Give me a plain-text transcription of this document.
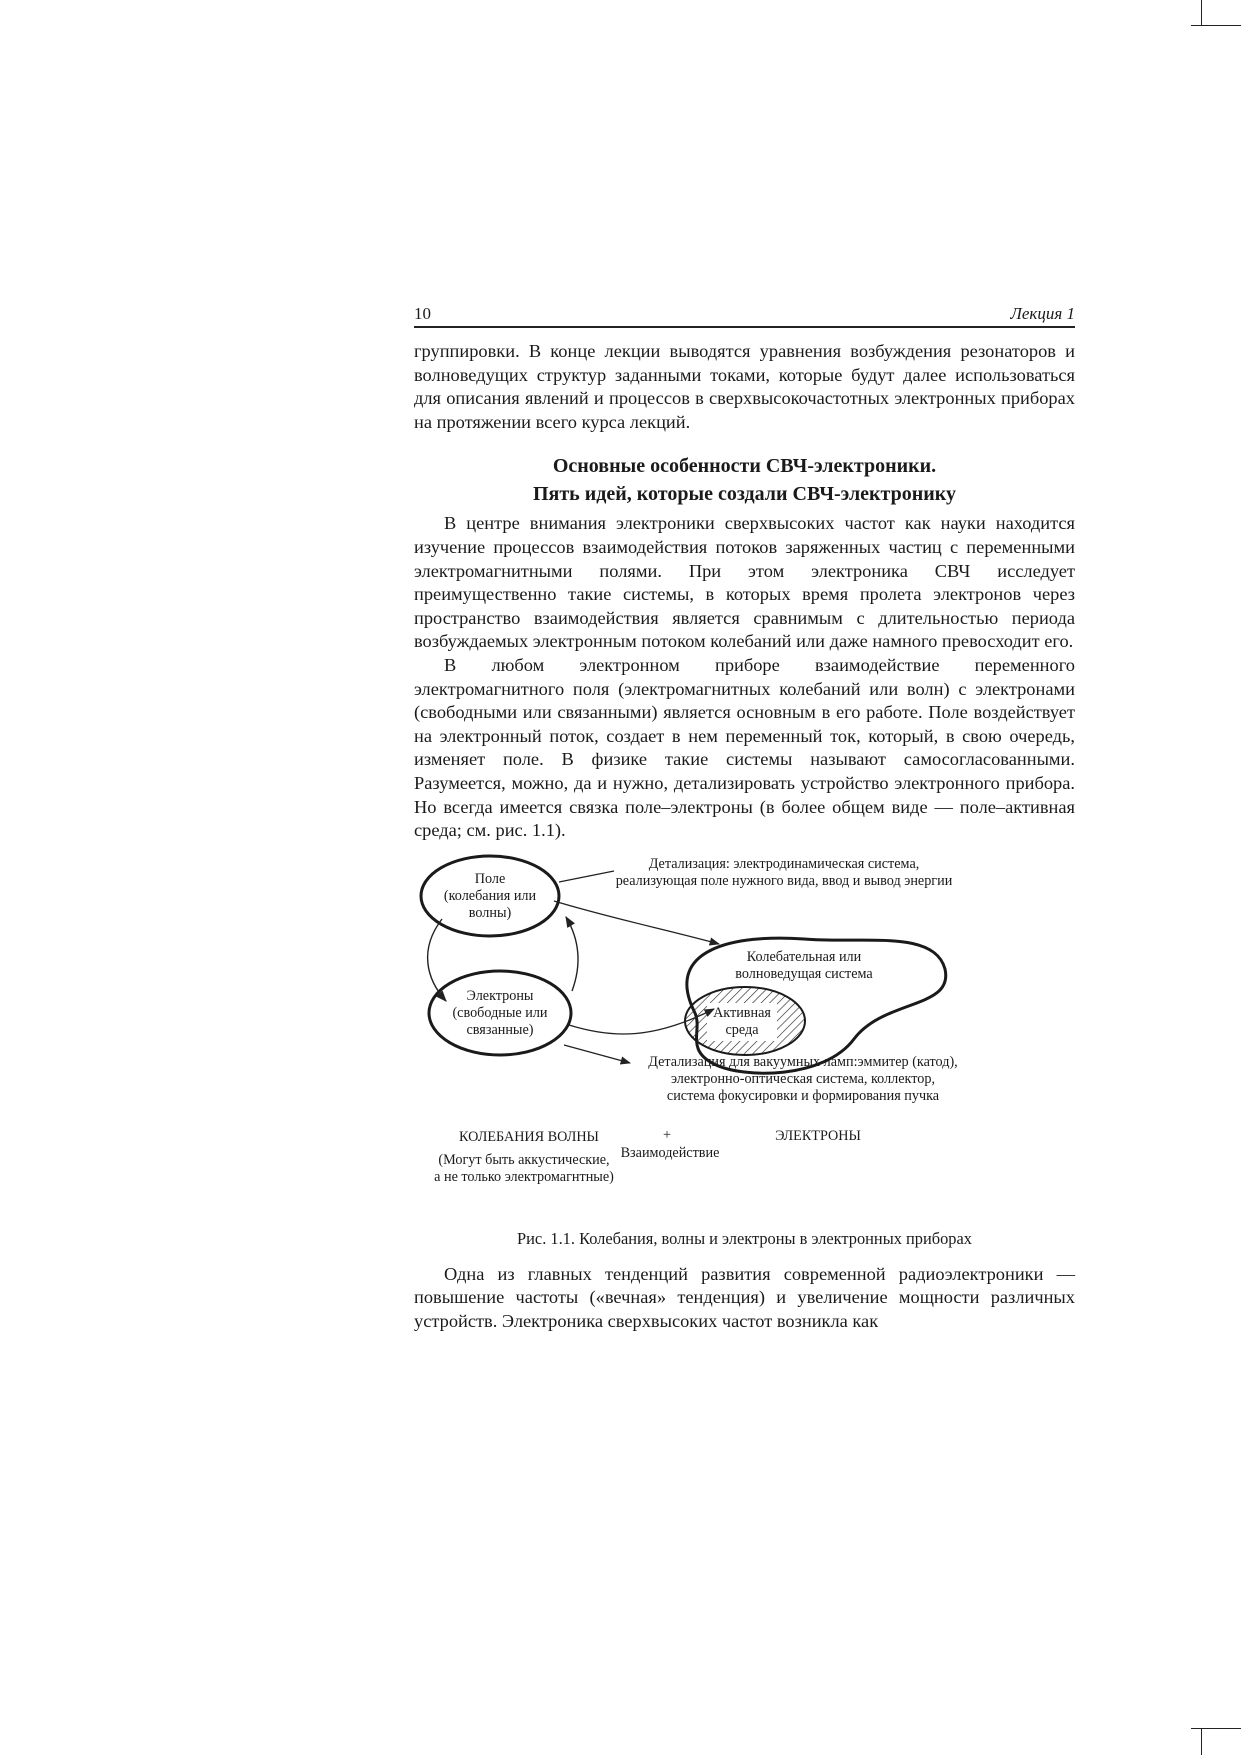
10	Лекция 1

группировки. В конце лекции выводятся уравнения возбуждения резонаторов и волноведущих структур заданными токами, которые будут далее использоваться для описания явлений и процессов в сверхвысокочастотных электронных приборах на протяжении всего курса лекций.

Основные особенности СВЧ-электроники.
Пять идей, которые создали СВЧ-электронику

В центре внимания электроники сверхвысоких частот как науки находится изучение процессов взаимодействия потоков заряженных частиц с переменными электромагнитными полями. При этом электроника СВЧ исследует преимущественно такие системы, в которых время пролета электронов через пространство взаимодействия является сравнимым с длительностью периода возбуждаемых электронным потоком колебаний или даже намного превосходит его.

В любом электронном приборе взаимодействие переменного электромагнитного поля (электромагнитных колебаний или волн) с электронами (свободными или связанными) является основным в его работе. Поле воздействует на электронный поток, создает в нем переменный ток, который, в свою очередь, изменяет поле. В физике такие системы называют самосогласованными. Разумеется, можно, да и нужно, детализировать устройство электронного прибора. Но всегда имеется связка поле–электроны (в более общем виде — поле–активная среда; см. рис. 1.1).

Поле
(колебания или
волны)
Электроны
(свободные или
связанные)
Колебательная или
волноведущая система
Активная
среда
Детализация: электродинамическая система,
реализующая поле нужного вида, ввод и вывод энергии
Детализация для вакуумных ламп:эммитер (катод),
электронно-оптическая система, коллектор,
система фокусировки и формирования пучка
КОЛЕБАНИЯ ВОЛНЫ	+
Взаимодействие
ЭЛЕКТРОНЫ
(Могут быть аккустические,
а не только электромагнтные)
Рис. 1.1. Колебания, волны и электроны в электронных приборах

Одна из главных тенденций развития современной радиоэлектроники — повышение частоты («вечная» тенденция) и увеличение мощности различных устройств. Электроника сверхвысоких частот возникла как
